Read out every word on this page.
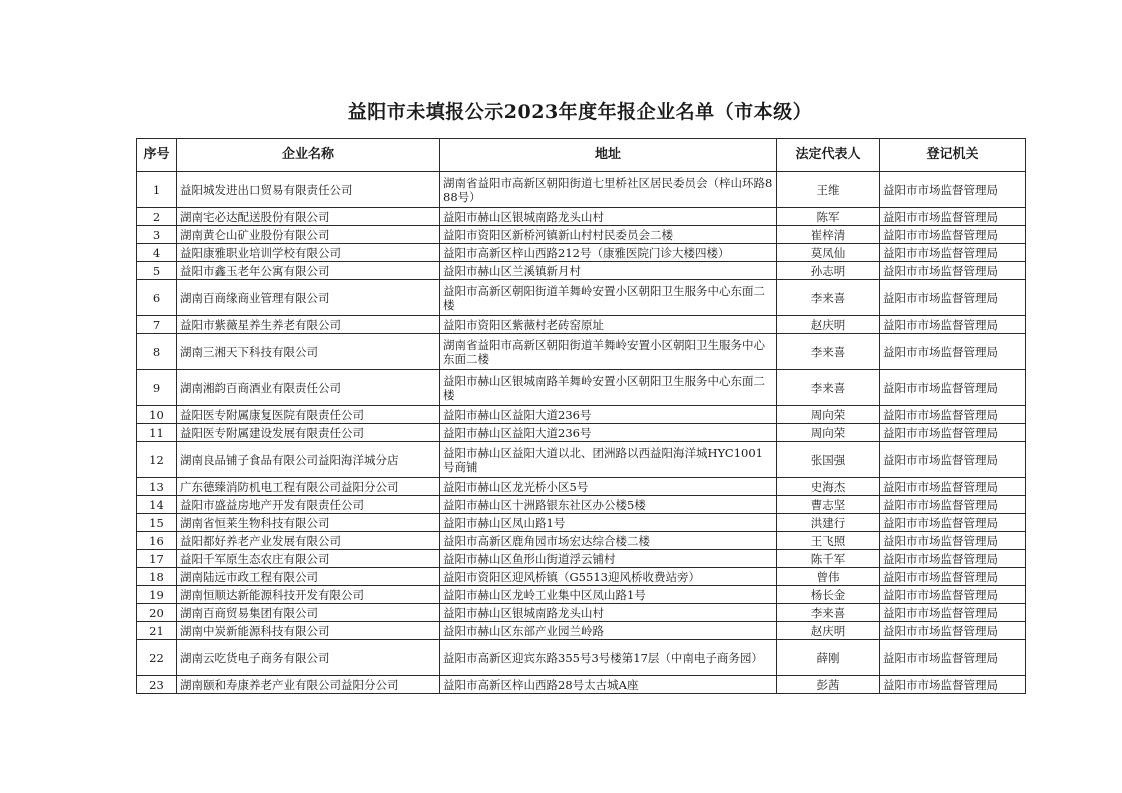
益阳市未填报公示2023年度年报企业名单（市本级）
序号	企业名称	地址	法定代表人	登记机关
1	益阳城发进出口贸易有限责任公司	湖南省益阳市高新区朝阳街道七里桥社区居民委员会（梓山环路888号）	王维	益阳市市场监督管理局
2	湖南宅必达配送股份有限公司	益阳市赫山区银城南路龙头山村	陈军	益阳市市场监督管理局
3	湖南黄仑山矿业股份有限公司	益阳市资阳区新桥河镇新山村村民委员会二楼	崔梓清	益阳市市场监督管理局
4	益阳康雅职业培训学校有限公司	益阳市高新区梓山西路212号（康雅医院门诊大楼四楼）	莫凤仙	益阳市市场监督管理局
5	益阳市鑫玉老年公寓有限公司	益阳市赫山区兰溪镇新月村	孙志明	益阳市市场监督管理局
6	湖南百商缘商业管理有限公司	益阳市高新区朝阳街道羊舞岭安置小区朝阳卫生服务中心东面二楼	李来喜	益阳市市场监督管理局
7	益阳市紫薇星养生养老有限公司	益阳市资阳区紫薇村老砖窑原址	赵庆明	益阳市市场监督管理局
8	湖南三湘天下科技有限公司	湖南省益阳市高新区朝阳街道羊舞岭安置小区朝阳卫生服务中心东面二楼	李来喜	益阳市市场监督管理局
9	湖南湘韵百商酒业有限责任公司	益阳市赫山区银城南路羊舞岭安置小区朝阳卫生服务中心东面二楼	李来喜	益阳市市场监督管理局
10	益阳医专附属康复医院有限责任公司	益阳市赫山区益阳大道236号	周向荣	益阳市市场监督管理局
11	益阳医专附属建设发展有限责任公司	益阳市赫山区益阳大道236号	周向荣	益阳市市场监督管理局
12	湖南良品铺子食品有限公司益阳海洋城分店	益阳市赫山区益阳大道以北、团洲路以西益阳海洋城HYC1001号商铺	张国强	益阳市市场监督管理局
13	广东德臻消防机电工程有限公司益阳分公司	益阳市赫山区龙光桥小区5号	史海杰	益阳市市场监督管理局
14	益阳市盛益房地产开发有限责任公司	益阳市赫山区十洲路银东社区办公楼5楼	曹志坚	益阳市市场监督管理局
15	湖南省恒莱生物科技有限公司	益阳市赫山区凤山路1号	洪建行	益阳市市场监督管理局
16	益阳都好养老产业发展有限公司	益阳市高新区鹿角园市场宏达综合楼二楼	王飞照	益阳市市场监督管理局
17	益阳千军原生态农庄有限公司	益阳市赫山区鱼形山街道浮云铺村	陈千军	益阳市市场监督管理局
18	湖南陆远市政工程有限公司	益阳市资阳区迎风桥镇（G5513迎风桥收费站旁）	曾伟	益阳市市场监督管理局
19	湖南恒顺达新能源科技开发有限公司	益阳市赫山区龙岭工业集中区凤山路1号	杨长金	益阳市市场监督管理局
20	湖南百商贸易集团有限公司	益阳市赫山区银城南路龙头山村	李来喜	益阳市市场监督管理局
21	湖南中炭新能源科技有限公司	益阳市赫山区东部产业园兰岭路	赵庆明	益阳市市场监督管理局
22	湖南云吃货电子商务有限公司	益阳市高新区迎宾东路355号3号楼第17层（中南电子商务园）	薛刚	益阳市市场监督管理局
23	湖南颐和寿康养老产业有限公司益阳分公司	益阳市高新区梓山西路28号太古城A座	彭茜	益阳市市场监督管理局
